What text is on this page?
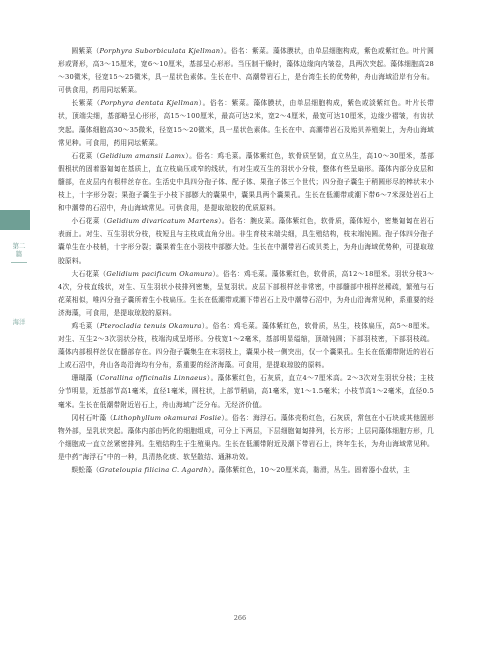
第二篇
海洋

圆紫菜（Porphyra Suborbiculata Kjellman）。俗名：紫菜。藻体膜状，由单层细胞构成，紫色或紫红色。叶片圆形或肾形，高3～15厘米，宽6～10厘米，基部呈心形形。当压制干燥时，藻体边缘向内皱卷，具两次突起。藻体细胞高28～30微米，径宽15～25微米，具一星状色素体。生长在中、高潮带岩石上，是台湾生长的优势种，舟山海域沿岸有分布。可供食用，药用同坛紫菜。

长紫菜（Porphyra dentata Kjellman）。俗名：紫菜。藻体膜状，由单层细胞构成，紫色或淡紫红色。叶片长带状，顶端尖细，基部略呈心形形，高15～100厘米，最高可达2米，宽2～4厘米，最宽可达10厘米，边缘少褶皱，有齿状突起。藻体细胞高30～35微米，径宽15～20微米，具一星状色素体。生长在中、高潮带岩石及贻贝养殖架上，为舟山海域常见种。可食用，药用同坛紫菜。

石花菜（Gelidium amansii Lamx）。俗名：鸡毛菜。藻体紫红色，软骨质坚韧，直立丛生，高10～30厘米，基部假根状的固着器匍匐在基质上，直立枝扁压或窄的线状，有对生或互生的羽状小分枝，整体有些呈扇形。藻体内部分皮层和髓部，在皮层内有根样丝存在。生活史中具四分孢子体、配子体、果孢子体三个世代；四分孢子囊生于稍圆形尽的棒状末小枝上，十字形分裂；果孢子囊生于小枝下部膨大的囊果中，囊果具两个囊果孔。生长在低潮带或潮下带6～7米深处岩石上和中潮带的石沼中，舟山海域常见。可供食用，是提取琼胶的优质原料。

小石花菜（Gelidium divaricatum Martens）。俗名：腕皮菜。藻体紫红色，软骨质，藻体短小，密集匍匐在岩石表面上。对生、互生羽状分枝，枝短且与主枝成直角分出。非生育枝末端尖细，具生殖结构，枝末端钝圆。孢子体四分孢子囊单生在小枝梢，十字形分裂；囊果着生在小羽枝中部膨大处。生长在中潮带岩石或贝类上，为舟山海域优势种，可提取琼胶原料。

大石花菜（Gelidium pacificum Okamura）。俗名：鸡毛菜。藻体紫红色，软骨质，高12～18厘米。羽状分枝3～4次，分枝直线状，对生、互生羽状小枝排列密集，呈复羽状。皮层下部根样丝非常密，中部髓部中根样丝稀疏，繁殖与石花菜相似，唯四分孢子囊所着生小枝扁压。生长在低潮带或潮下带岩石上及中潮带石沼中，为舟山沿海常见种，系重要的经济海藻，可食用，是提取琼胶的原料。

鸡毛菜（Pterocladia tenuis Okamura）。俗名：鸡毛菜。藻体紫红色，软骨质，丛生，枝体扁压，高5～8厘米。对生、互生2～3次羽状分枝，枝端沟成呈塔形。分枝宽1～2毫米，基部明显缢缩，顶端钝圆；下部羽枝密，下部羽枝疏。藻体内部根样丝仅在髓部存在。四分孢子囊集生在末羽枝上，囊果小枝一侧突出，仅一个囊果孔。生长在低潮带附近的岩石上或石沼中，舟山各岛沿海均有分布，系重要的经济海藻。可食用，是提取琼胶的原料。

珊瑚藻（Corallina officinalis Linnaeus）。藻体紫红色，石灰质，直立4～7厘米高。2～3次对生羽状分枝；主枝分节明显，近基部节高1毫米，直径1毫米，圆柱状，上部节稍扁，高1毫米，宽1～1.5毫米；小枝节高1～2毫米，直径0.5毫米。生长在低潮带附近岩石上，舟山海域广泛分布。无经济价值。

冈村石叶藻（Lithophyllum okamurai Foslie）。俗名：海浮石。藻体壳粉红色，石灰质，常包在小石块或其他固形物外部，呈乳状突起。藻体内部由钙化的细胞组成，可分上下两层，下层细胞匍匐排列，长方形；上层同藻体细胞方形，几个细胞成一直立丝紧密排列。生殖结构生于生殖巢内。生长在低潮带附近及潮下带岩石上，终年生长，为舟山海域常见种。是中药“海浮石”中的一种，具清热化痰、软坚散结、通淋功效。

蜈蚣藻（Grateloupia filicina C. Agardh）。藻体紫红色，10～20厘米高，黏滑，丛生。固着器小盘状，主

266
